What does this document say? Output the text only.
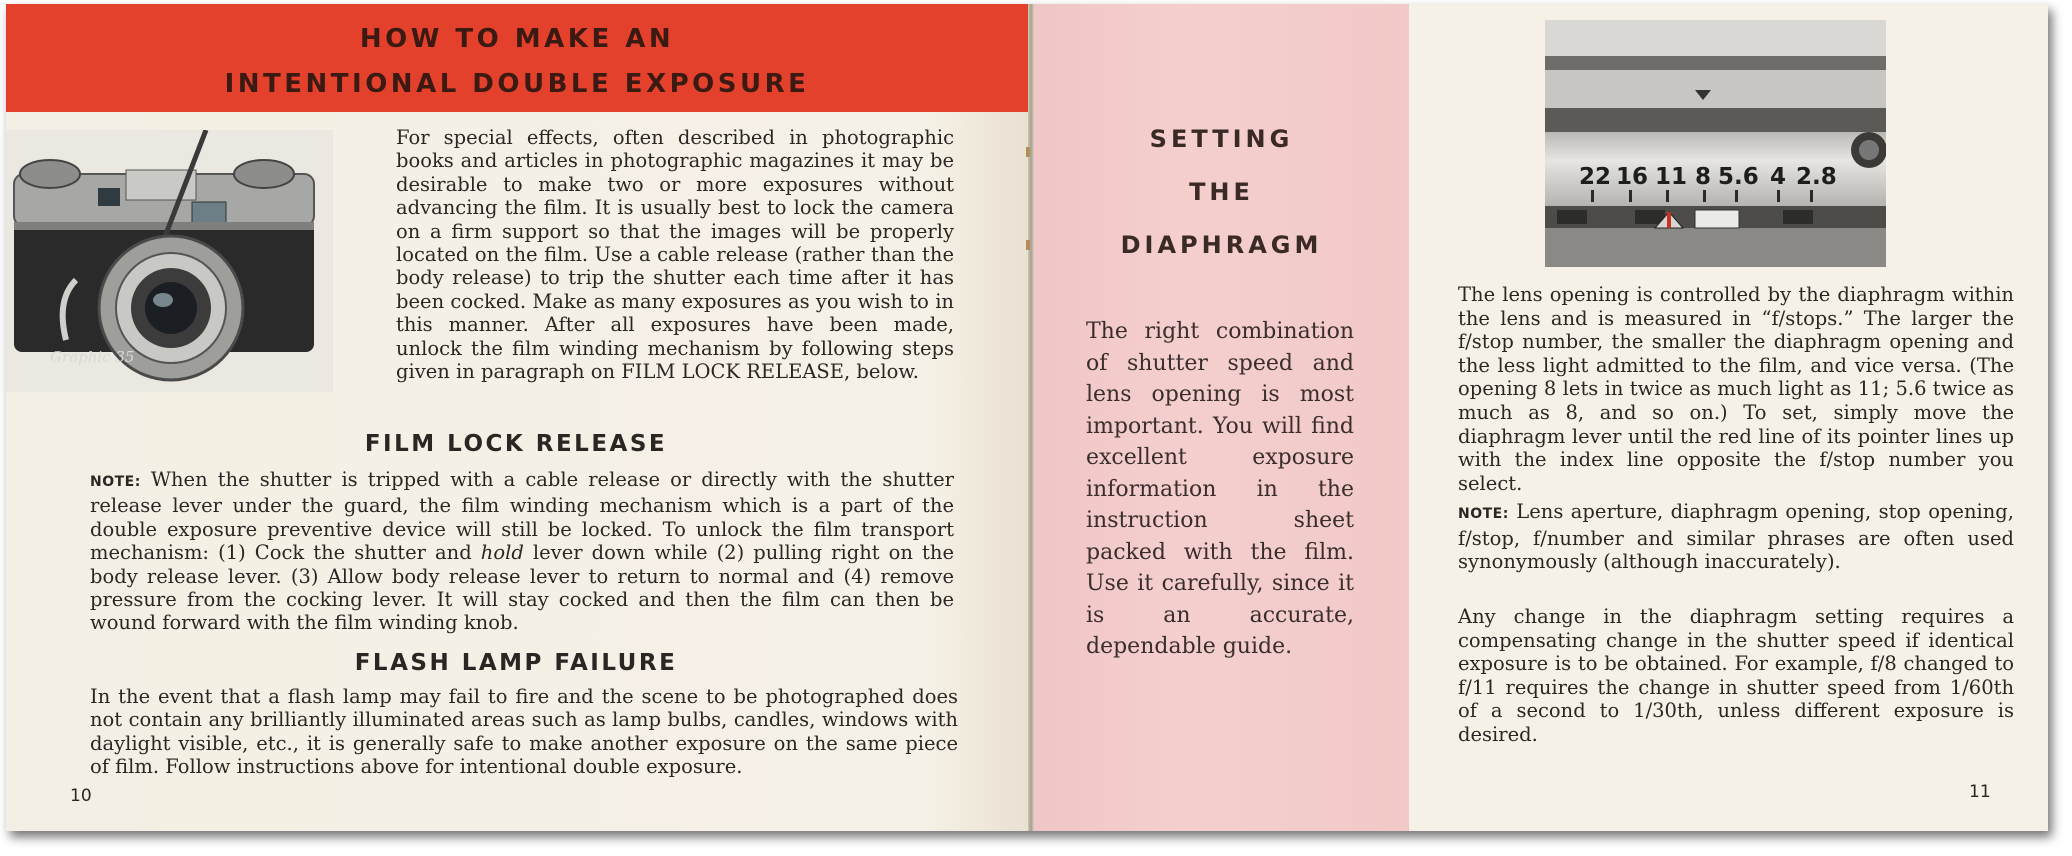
HOW TO MAKE AN
INTENTIONAL DOUBLE EXPOSURE
Graphic 35

For special effects, often described in photographic books and articles in photographic magazines it may be desirable to make two or more exposures without advancing the film. It is usually best to lock the camera on a firm support so that the images will be properly located on the film. Use a cable release (rather than the body release) to trip the shutter each time after it has been cocked. Make as many exposures as you wish to in this manner. After all exposures have been made, unlock the film winding mechanism by following steps given in paragraph on FILM LOCK RELEASE, below.

FILM LOCK RELEASE

NOTE: When the shutter is tripped with a cable release or directly with the shutter release lever under the guard, the film winding mechanism which is a part of the double exposure preventive device will still be locked. To unlock the film transport mechanism: (1) Cock the shutter and hold lever down while (2) pulling right on the body release lever. (3) Allow body release lever to return to normal and (4) remove pressure from the cocking lever. It will stay cocked and then the film can then be wound forward with the film winding knob.

FLASH LAMP FAILURE

In the event that a flash lamp may fail to fire and the scene to be photographed does not contain any brilliantly illuminated areas such as lamp bulbs, candles, windows with daylight visible, etc., it is generally safe to make another exposure on the same piece of film. Follow instructions above for intentional double exposure.

10
SETTING
THE
DIAPHRAGM

The right combination of shutter speed and lens opening is most important. You will find excellent exposure information in the instruction sheet packed with the film. Use it carefully, since it is an accurate, dependable guide.

22 16 11 8 5.6 4 2.8

The lens opening is controlled by the diaphragm within the lens and is measured in “f/stops.” The larger the f/stop number, the smaller the diaphragm opening and the less light admitted to the film, and vice versa. (The opening 8 lets in twice as much light as 11; 5.6 twice as much as 8, and so on.) To set, simply move the diaphragm lever until the red line of its pointer lines up with the index line opposite the f/stop number you select.

NOTE: Lens aperture, diaphragm opening, stop opening, f/stop, f/number and similar phrases are often used synonymously (although inaccurately).

Any change in the diaphragm setting requires a compensating change in the shutter speed if identical exposure is to be obtained. For example, f/8 changed to f/11 requires the change in shutter speed from 1/60th of a second to 1/30th, unless different exposure is desired.

11
